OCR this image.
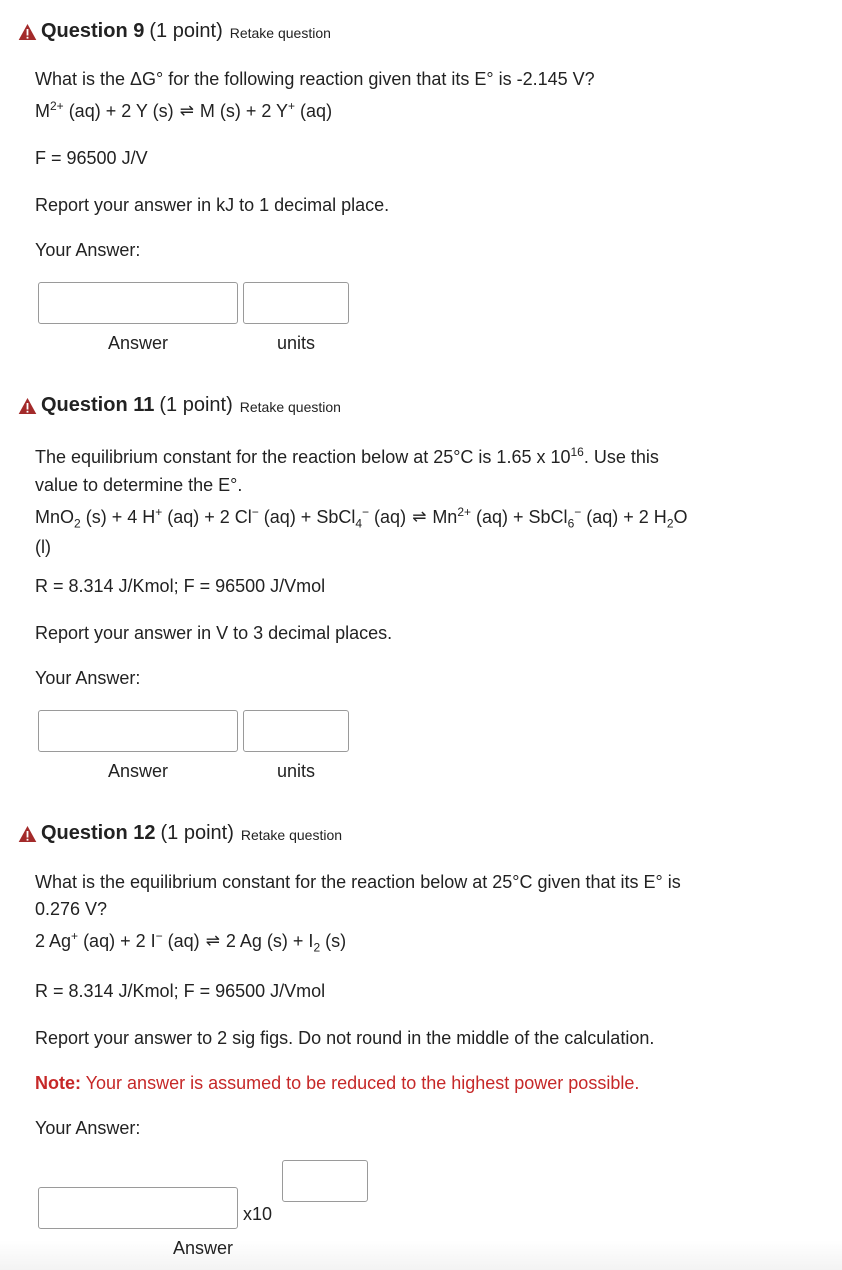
Question 9 (1 point) Retake question
What is the ΔG° for the following reaction given that its E° is -2.145 V?
$M^{2+}$ (aq) + 2 Y (s) ⇌ M (s) + 2 Y+ (aq)
F = 96500 J/V
Report your answer in kJ to 1 decimal place.
Your Answer:
Answer	units
Question 11 (1 point) Retake question
The equilibrium constant for the reaction below at 25°C is 1.65 x $10^{16}$. Use this
value to determine the E°.
MnO$_2$ (s) + 4 H+ (aq) + 2 Cl− (aq) + SbCl$_4$− (aq) ⇌ $Mn^{2+}$ (aq) + SbCl$_6$− (aq) + 2 $H_2O$
(l)
R = 8.314 J/Kmol; F = 96500 J/Vmol
Report your answer in V to 3 decimal places.
Your Answer:
Answer	units
Question 12 (1 point) Retake question
What is the equilibrium constant for the reaction below at 25°C given that its E° is
0.276 V?
2 Ag+ (aq) + 2 I− (aq) ⇌ 2 Ag $(s) + I_2$ (s)
R = 8.314 J/Kmol; F = 96500 J/Vmol
Report your answer to 2 sig figs. Do not round in the middle of the calculation.
Note: Your answer is assumed to be reduced to the highest power possible.
Your Answer:
x10
Answer
